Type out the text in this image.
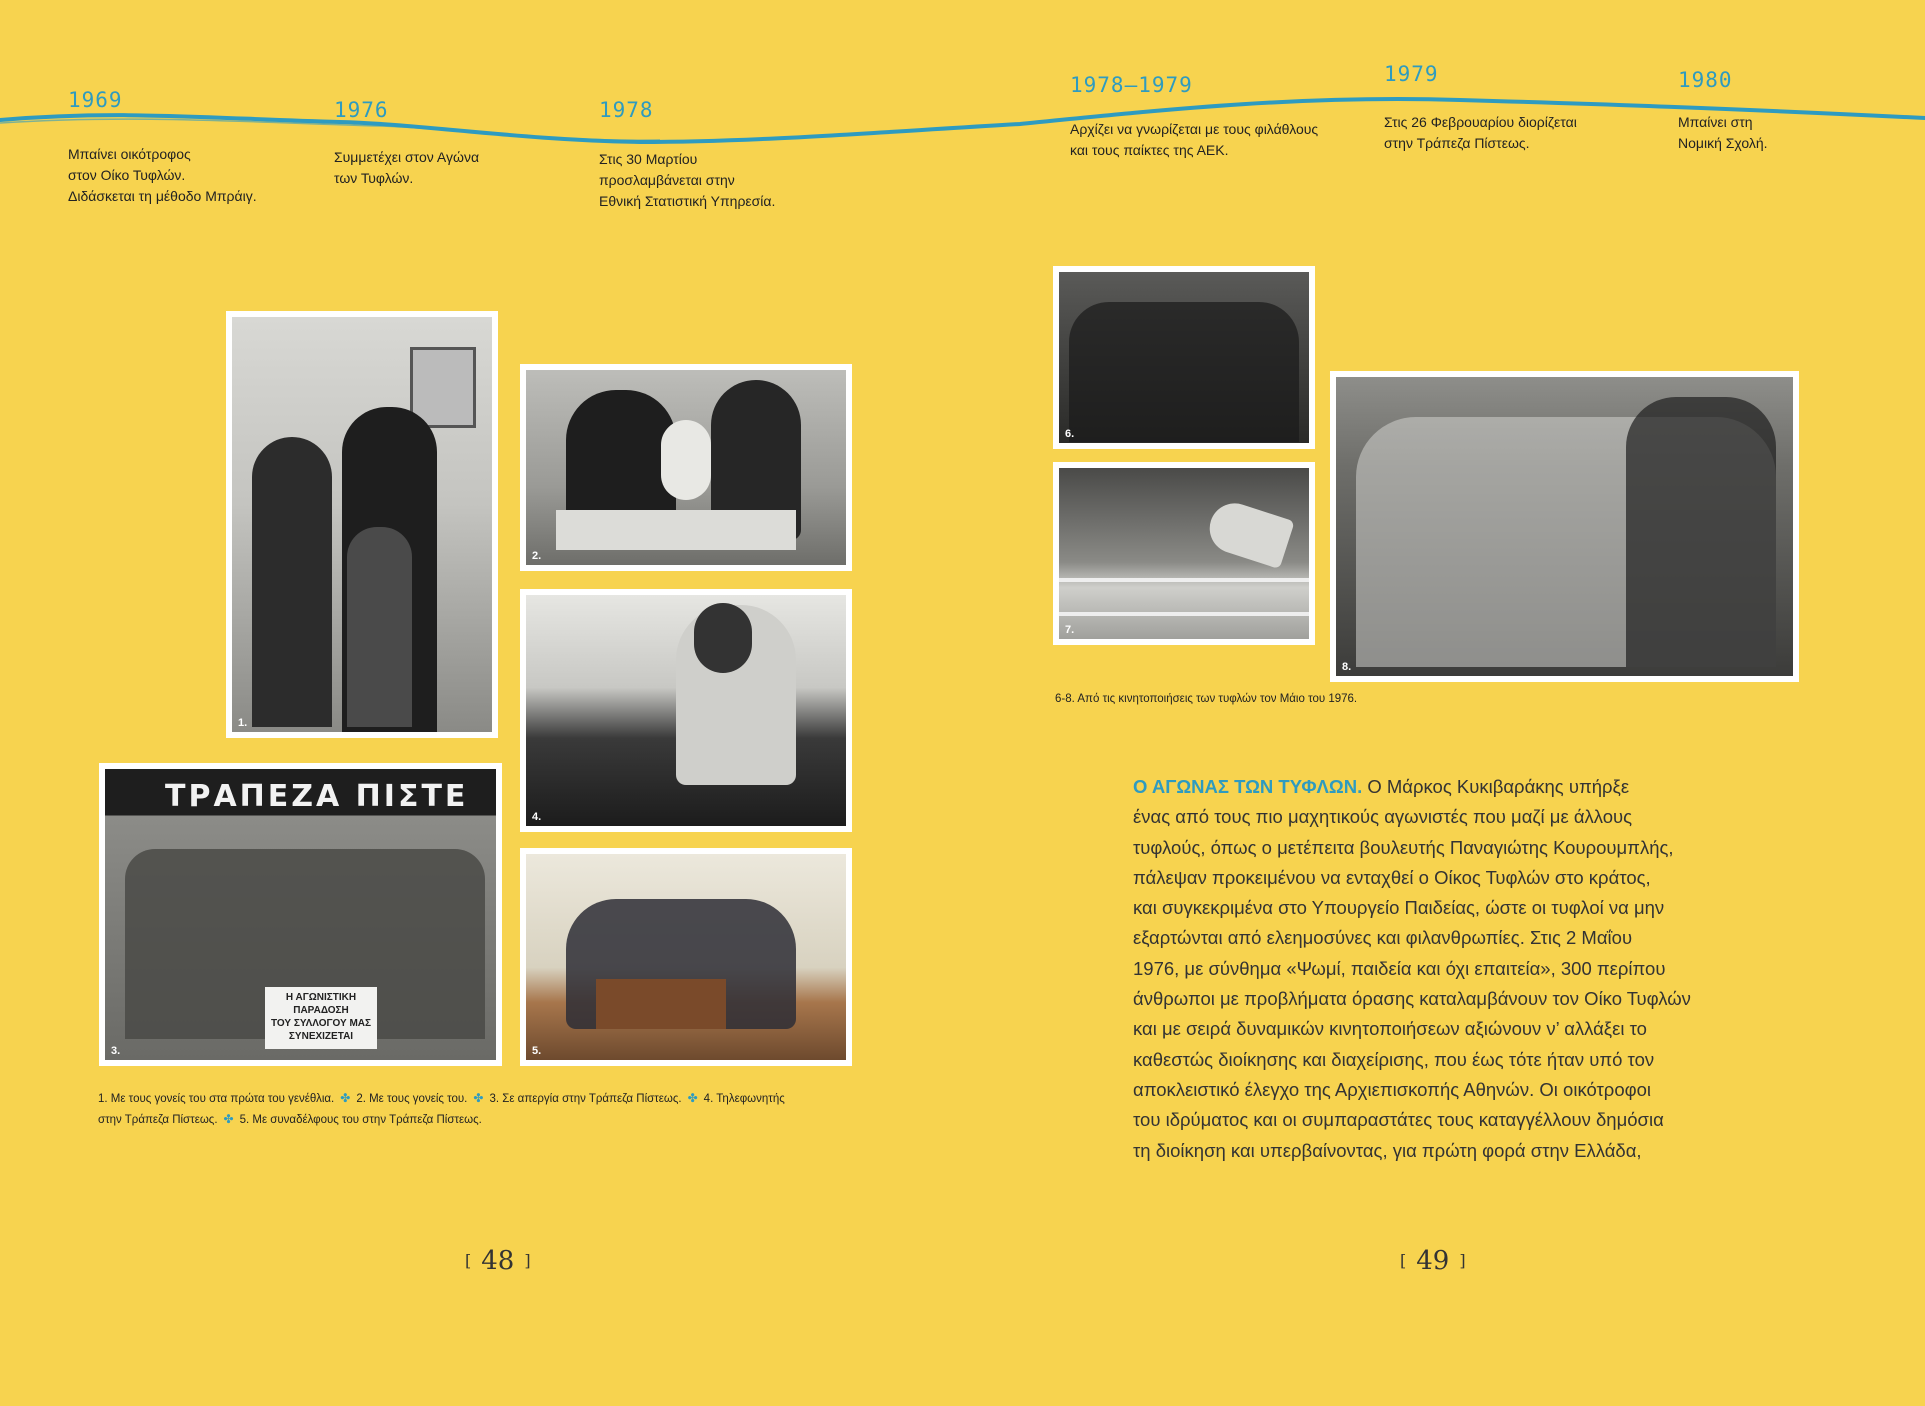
1969
Μπαίνει οικότροφος
στον Οίκο Τυφλών.
Διδάσκεται τη μέθοδο Μπράιγ.
1976
Συμμετέχει στον Αγώνα
των Τυφλών.
1978
Στις 30 Μαρτίου
προσλαμβάνεται στην
Εθνική Στατιστική Υπηρεσία.
1978–1979
Αρχίζει να γνωρίζεται με τους φιλάθλους
και τους παίκτες της ΑΕΚ.
1979
Στις 26 Φεβρουαρίου διορίζεται
στην Τράπεζα Πίστεως.
1980
Μπαίνει στη
Νομική Σχολή.
1.
2.
4.
ΤΡΑΠΕΖΑ ΠΙΣΤΕ
Η ΑΓΩΝΙΣΤΙΚΗ
ΠΑΡΑΔΟΣΗ
ΤΟΥ ΣΥΛΛΟΓΟΥ ΜΑΣ
ΣΥΝΕΧΙΖΕΤΑΙ
3.	5.
1. Με τους γονείς του στα πρώτα του γενέθλια. ✤ 2. Με τους γονείς του. ✤ 3. Σε απεργία στην Τράπεζα Πίστεως. ✤ 4. Τηλεφωνητής
στην Τράπεζα Πίστεως. ✤ 5. Με συναδέλφους του στην Τράπεζα Πίστεως.
6.
7.
8.
6-8. Από τις κινητοποιήσεις των τυφλών τον Μάιο του 1976.
Ο ΑΓΩΝΑΣ ΤΩΝ ΤΥΦΛΩΝ. Ο Μάρκος Κυκιβαράκης υπήρξε
ένας από τους πιο μαχητικούς αγωνιστές που μαζί με άλλους
τυφλούς, όπως ο μετέπειτα βουλευτής Παναγιώτης Κουρουμπλής,
πάλεψαν προκειμένου να ενταχθεί ο Οίκος Τυφλών στο κράτος,
και συγκεκριμένα στο Υπουργείο Παιδείας, ώστε οι τυφλοί να μην
εξαρτώνται από ελεημοσύνες και φιλανθρωπίες. Στις 2 Μαΐου
1976, με σύνθημα «Ψωμί, παιδεία και όχι επαιτεία», 300 περίπου
άνθρωποι με προβλήματα όρασης καταλαμβάνουν τον Οίκο Τυφλών
και με σειρά δυναμικών κινητοποιήσεων αξιώνουν ν’ αλλάξει το
καθεστώς διοίκησης και διαχείρισης, που έως τότε ήταν υπό τον
αποκλειστικό έλεγχο της Αρχιεπισκοπής Αθηνών. Οι οικότροφοι
του ιδρύματος και οι συμπαραστάτες τους καταγγέλλουν δημόσια
τη διοίκηση και υπερβαίνοντας, για πρώτη φορά στην Ελλάδα,
[ 48 ]	[ 49 ]
